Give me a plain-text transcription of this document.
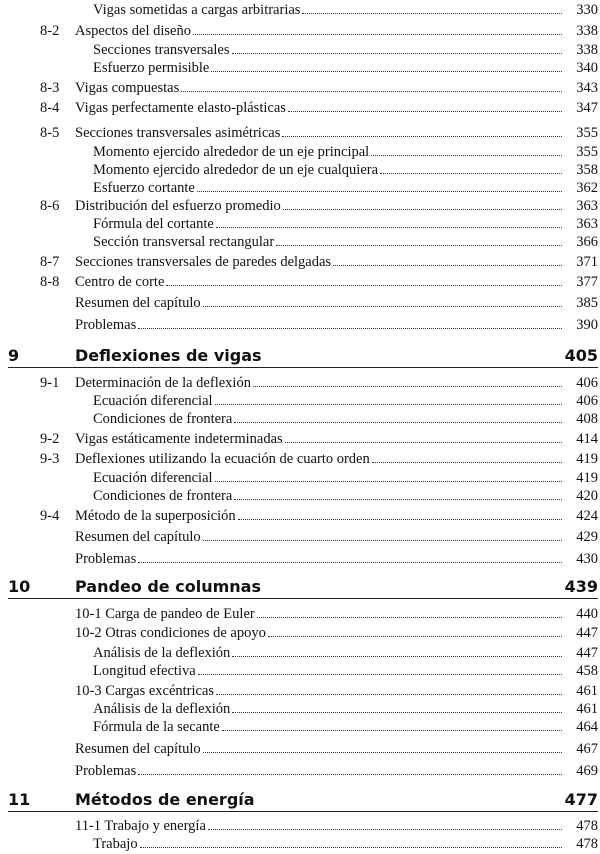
Vigas sometidas a cargas arbitrarias	330
8-2 Aspectos del diseño	338
Secciones transversales	338
Esfuerzo permisible	340
8-3 Vigas compuestas	343
8-4 Vigas perfectamente elasto-plásticas	347
8-5 Secciones transversales asimétricas	355
Momento ejercido alrededor de un eje principal	355
Momento ejercido alrededor de un eje cualquiera	358
Esfuerzo cortante	362
8-6 Distribución del esfuerzo promedio	363
Fórmula del cortante	363
Sección transversal rectangular	366
8-7 Secciones transversales de paredes delgadas	371
8-8 Centro de corte	377
Resumen del capítulo	385
Problemas	390
9	Deflexiones de vigas	405
9-1 Determinación de la deflexión	406
Ecuación diferencial	406
Condiciones de frontera	408
9-2 Vigas estáticamente indeterminadas	414
9-3 Deflexiones utilizando la ecuación de cuarto orden	419
Ecuación diferencial	419
Condiciones de frontera	420
9-4 Método de la superposición	424
Resumen del capítulo	429
Problemas	430
10	Pandeo de columnas	439
10-1 Carga de pandeo de Euler	440
10-2 Otras condiciones de apoyo	447
Análisis de la deflexión	447
Longitud efectiva	458
10-3 Cargas excéntricas	461
Análisis de la deflexión	461
Fórmula de la secante	464
Resumen del capítulo	467
Problemas	469
11	Métodos de energía	477
11-1 Trabajo y energía	478
Trabajo	478
